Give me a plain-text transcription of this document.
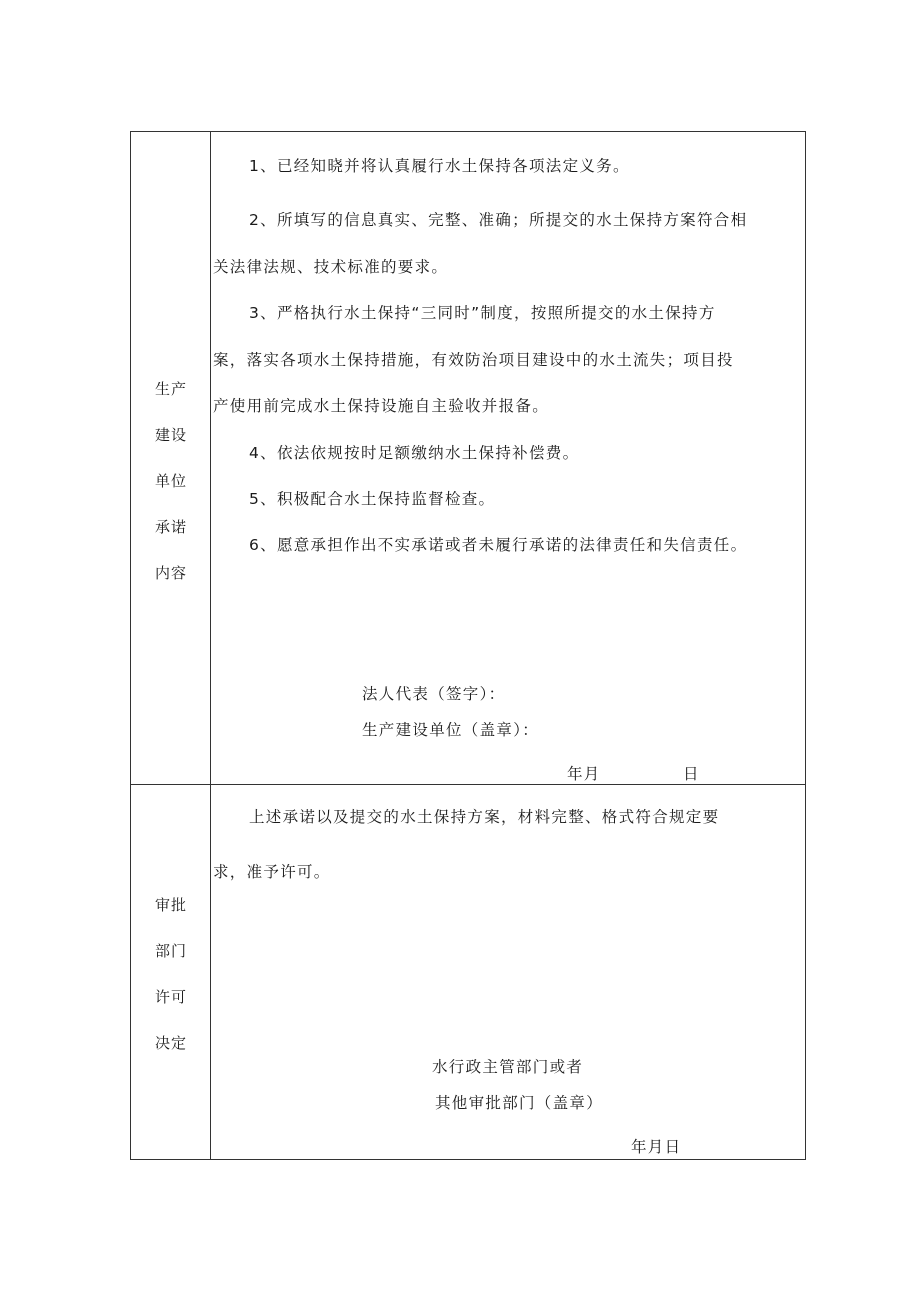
生产
建设
单位
承诺
内容
1、已经知晓并将认真履行水土保持各项法定义务。
2、所填写的信息真实、完整、准确；所提交的水土保持方案符合相
关法律法规、技术标准的要求。
3、严格执行水土保持“三同时”制度，按照所提交的水土保持方
案，落实各项水土保持措施，有效防治项目建设中的水土流失；项目投
产使用前完成水土保持设施自主验收并报备。
4、依法依规按时足额缴纳水土保持补偿费。
5、积极配合水土保持监督检查。
6、愿意承担作出不实承诺或者未履行承诺的法律责任和失信责任。
法人代表（签字）：
生产建设单位（盖章）：
年月	日
审批
部门
许可
决定
上述承诺以及提交的水土保持方案，材料完整、格式符合规定要
求，准予许可。
水行政主管部门或者
其他审批部门（盖章）
年月日
